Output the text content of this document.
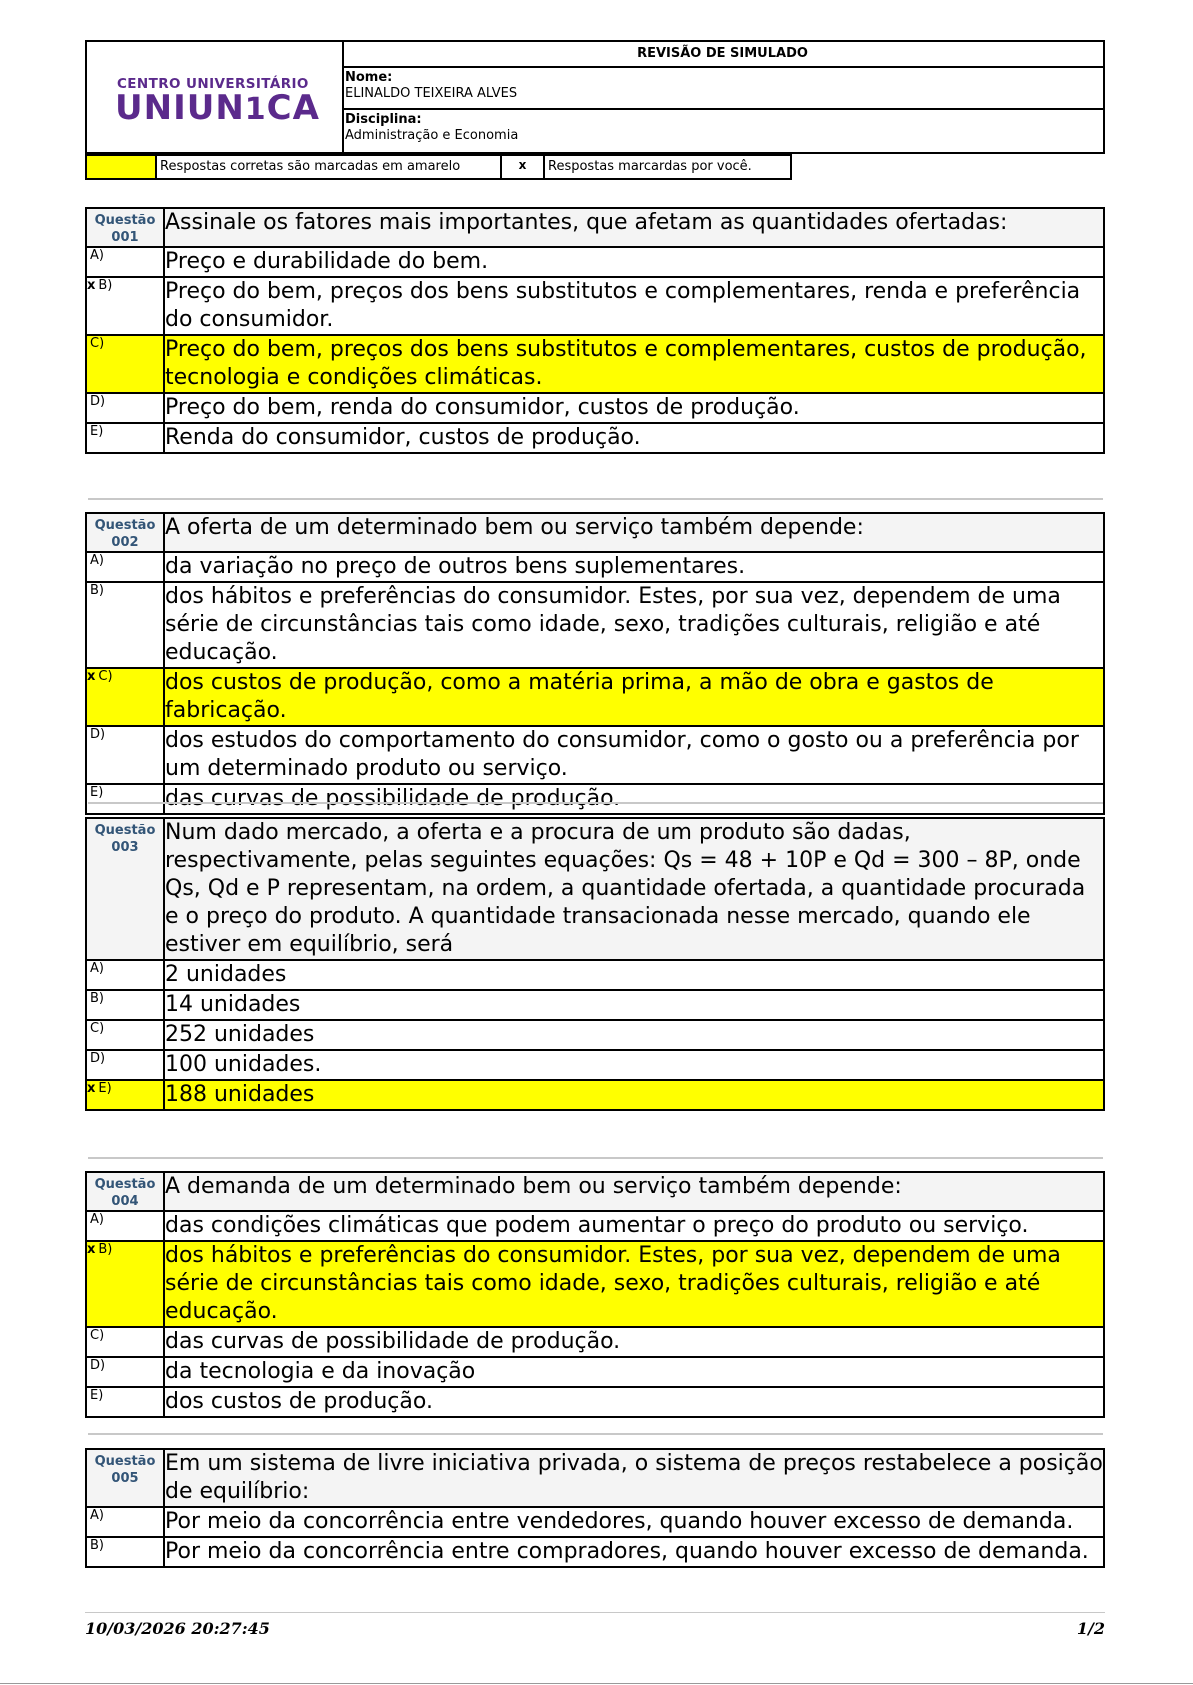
CENTRO UNIVERSITÁRIO
UNIUN1CA
REVISÃO DE SIMULADO
Nome:
ELINALDO TEIXEIRA ALVES
Disciplina:
Administração e Economia
Respostas corretas são marcadas em amarelo	x	Respostas marcardas por você.
Questão
001	Assinale os fatores mais importantes, que afetam as quantidades ofertadas:
A)	Preço e durabilidade do bem.
x B)	Preço do bem, preços dos bens substitutos e complementares, renda e preferência do consumidor.
C)	Preço do bem, preços dos bens substitutos e complementares, custos de produção, tecnologia e condições climáticas.
D)	Preço do bem, renda do consumidor, custos de produção.
E)	Renda do consumidor, custos de produção.
Questão
002	A oferta de um determinado bem ou serviço também depende:
A)	da variação no preço de outros bens suplementares.
B)	dos hábitos e preferências do consumidor. Estes, por sua vez, dependem de uma série de circunstâncias tais como idade, sexo, tradições culturais, religião e até educação.
x C)	dos custos de produção, como a matéria prima, a mão de obra e gastos de fabricação.
D)	dos estudos do comportamento do consumidor, como o gosto ou a preferência por um determinado produto ou serviço.
E)	das curvas de possibilidade de produção.
Questão
003	Num dado mercado, a oferta e a procura de um produto são dadas, respectivamente, pelas seguintes equações: Qs = 48 + 10P e Qd = 300 – 8P, onde Qs, Qd e P representam, na ordem, a quantidade ofertada, a quantidade procurada e o preço do produto. A quantidade transacionada nesse mercado, quando ele estiver em equilíbrio, será
A)	2 unidades
B)	14 unidades
C)	252 unidades
D)	100 unidades.
x E)	188 unidades
Questão
004	A demanda de um determinado bem ou serviço também depende:
A)	das condições climáticas que podem aumentar o preço do produto ou serviço.
x B)	dos hábitos e preferências do consumidor. Estes, por sua vez, dependem de uma série de circunstâncias tais como idade, sexo, tradições culturais, religião e até educação.
C)	das curvas de possibilidade de produção.
D)	da tecnologia e da inovação
E)	dos custos de produção.
Questão
005	Em um sistema de livre iniciativa privada, o sistema de preços restabelece a posição de equilíbrio:
A)	Por meio da concorrência entre vendedores, quando houver excesso de demanda.
B)	Por meio da concorrência entre compradores, quando houver excesso de demanda.
10/03/2026 20:27:45	1/2
